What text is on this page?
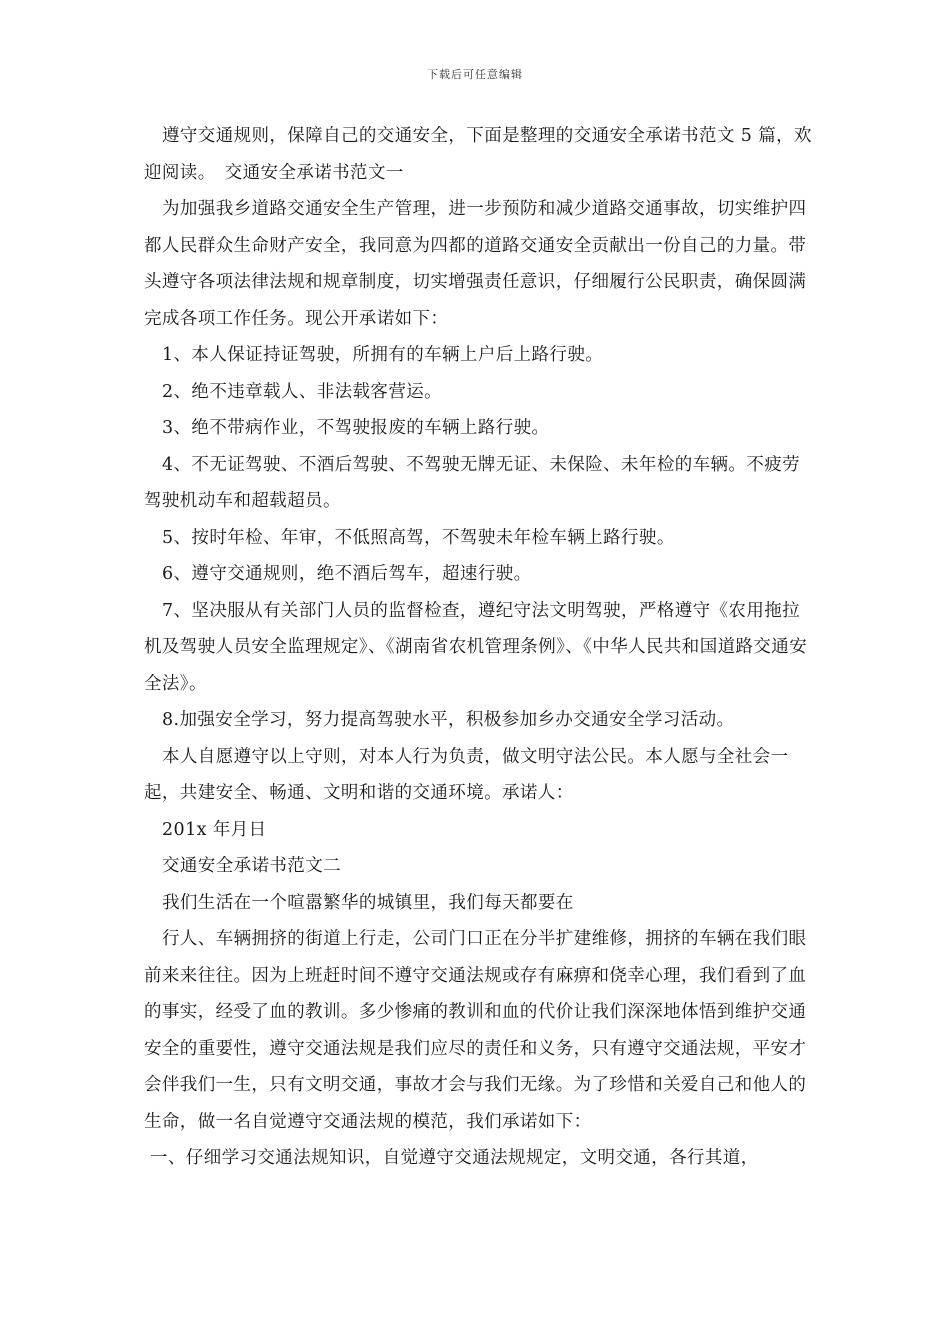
下载后可任意编辑

遵守交通规则，保障自己的交通安全，下面是整理的交通安全承诺书范文 5 篇，欢迎阅读。　交通安全承诺书范文一

为加强我乡道路交通安全生产管理，进一步预防和减少道路交通事故，切实维护四都人民群众生命财产安全，我同意为四都的道路交通安全贡献出一份自己的力量。带头遵守各项法律法规和规章制度，切实增强责任意识，仔细履行公民职责，确保圆满完成各项工作任务。现公开承诺如下：

1、本人保证持证驾驶，所拥有的车辆上户后上路行驶。

2、绝不违章载人、非法载客营运。

3、绝不带病作业，不驾驶报废的车辆上路行驶。

4、不无证驾驶、不酒后驾驶、不驾驶无牌无证、未保险、未年检的车辆。不疲劳驾驶机动车和超载超员。

5、按时年检、年审，不低照高驾，不驾驶未年检车辆上路行驶。

6、遵守交通规则，绝不酒后驾车，超速行驶。

7、坚决服从有关部门人员的监督检查，遵纪守法文明驾驶，严格遵守《农用拖拉机及驾驶人员安全监理规定》、《湖南省农机管理条例》、《中华人民共和国道路交通安全法》。

8.加强安全学习，努力提高驾驶水平，积极参加乡办交通安全学习活动。

本人自愿遵守以上守则，对本人行为负责，做文明守法公民。本人愿与全社会一起，共建安全、畅通、文明和谐的交通环境。承诺人：

201x 年月日

交通安全承诺书范文二

我们生活在一个喧嚣繁华的城镇里，我们每天都要在

行人、车辆拥挤的街道上行走，公司门口正在分半扩建维修，拥挤的车辆在我们眼前来来往往。因为上班赶时间不遵守交通法规或存有麻痹和侥幸心理，我们看到了血的事实，经受了血的教训。多少惨痛的教训和血的代价让我们深深地体悟到维护交通安全的重要性，遵守交通法规是我们应尽的责任和义务，只有遵守交通法规，平安才会伴我们一生，只有文明交通，事故才会与我们无缘。为了珍惜和关爱自己和他人的生命，做一名自觉遵守交通法规的模范，我们承诺如下：

一、仔细学习交通法规知识，自觉遵守交通法规规定，文明交通，各行其道，
